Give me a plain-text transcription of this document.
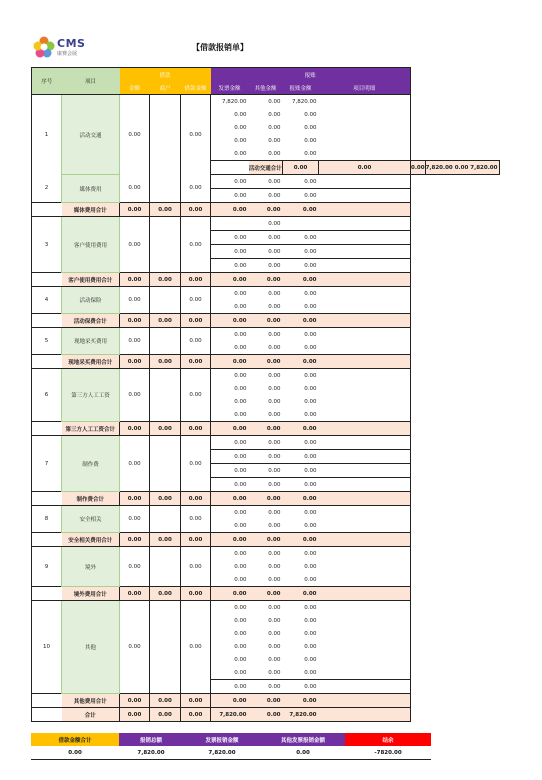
CMS
康赛会展
【借款报销单】
序号	项目	借款			报账								
		金额	商户	借款金额	发票金额	其他金额	报账金额	项目明细					
1	活动交通	0.00		0.00	7,820.00	0.00	7,820.00						
					0.00	0.00	0.00						
					0.00	0.00	0.00						
					0.00	0.00	0.00						
					0.00	0.00	0.00						
						活动交通合计	0.00	0.00	0.00	7,820.00	0.00	7,820.00	
2	媒体费用	0.00		0.00	0.00	0.00	0.00						
					0.00	0.00	0.00						
	媒体费用合计	0.00	0.00	0.00	0.00	0.00	0.00						
3	客户使用费用	0.00		0.00		0.00							
					0.00	0.00	0.00						
					0.00	0.00	0.00						
					0.00	0.00	0.00						
	客户使用费用合计	0.00	0.00	0.00	0.00	0.00	0.00						
4	活动保险	0.00		0.00	0.00	0.00	0.00						
					0.00	0.00	0.00						
	活动保费合计	0.00	0.00	0.00	0.00	0.00	0.00						
5	现地采买费用	0.00		0.00	0.00	0.00	0.00						
					0.00	0.00	0.00						
	现地采买费用合计	0.00	0.00	0.00	0.00	0.00	0.00						
6	第三方人工工资	0.00		0.00	0.00	0.00	0.00						
					0.00	0.00	0.00						
					0.00	0.00	0.00						
					0.00	0.00	0.00						
	第三方人工工资合计	0.00	0.00	0.00	0.00	0.00	0.00						
7	制作费	0.00		0.00	0.00	0.00	0.00						
					0.00	0.00	0.00						
					0.00	0.00	0.00						
					0.00	0.00	0.00						
	制作费合计	0.00	0.00	0.00	0.00	0.00	0.00						
8	安全相关	0.00		0.00	0.00	0.00	0.00						
					0.00	0.00	0.00						
	安全相关费用合计	0.00	0.00	0.00	0.00	0.00	0.00						
9	境外	0.00		0.00	0.00	0.00	0.00						
					0.00	0.00	0.00						
					0.00	0.00	0.00						
	境外费用合计	0.00	0.00	0.00	0.00	0.00	0.00						
10	其他	0.00		0.00	0.00	0.00	0.00						
					0.00	0.00	0.00						
					0.00	0.00	0.00						
					0.00	0.00	0.00						
					0.00	0.00	0.00						
					0.00	0.00	0.00						
					0.00	0.00	0.00						
	其他费用合计	0.00	0.00	0.00	0.00	0.00	0.00						
	合计	0.00	0.00	0.00	7,820.00	0.00	7,820.00						
借款金额合计	报销总额	发票报销金额	其他发票报销金额	结余
0.00	7,820.00	7,820.00	0.00	-7820.00
